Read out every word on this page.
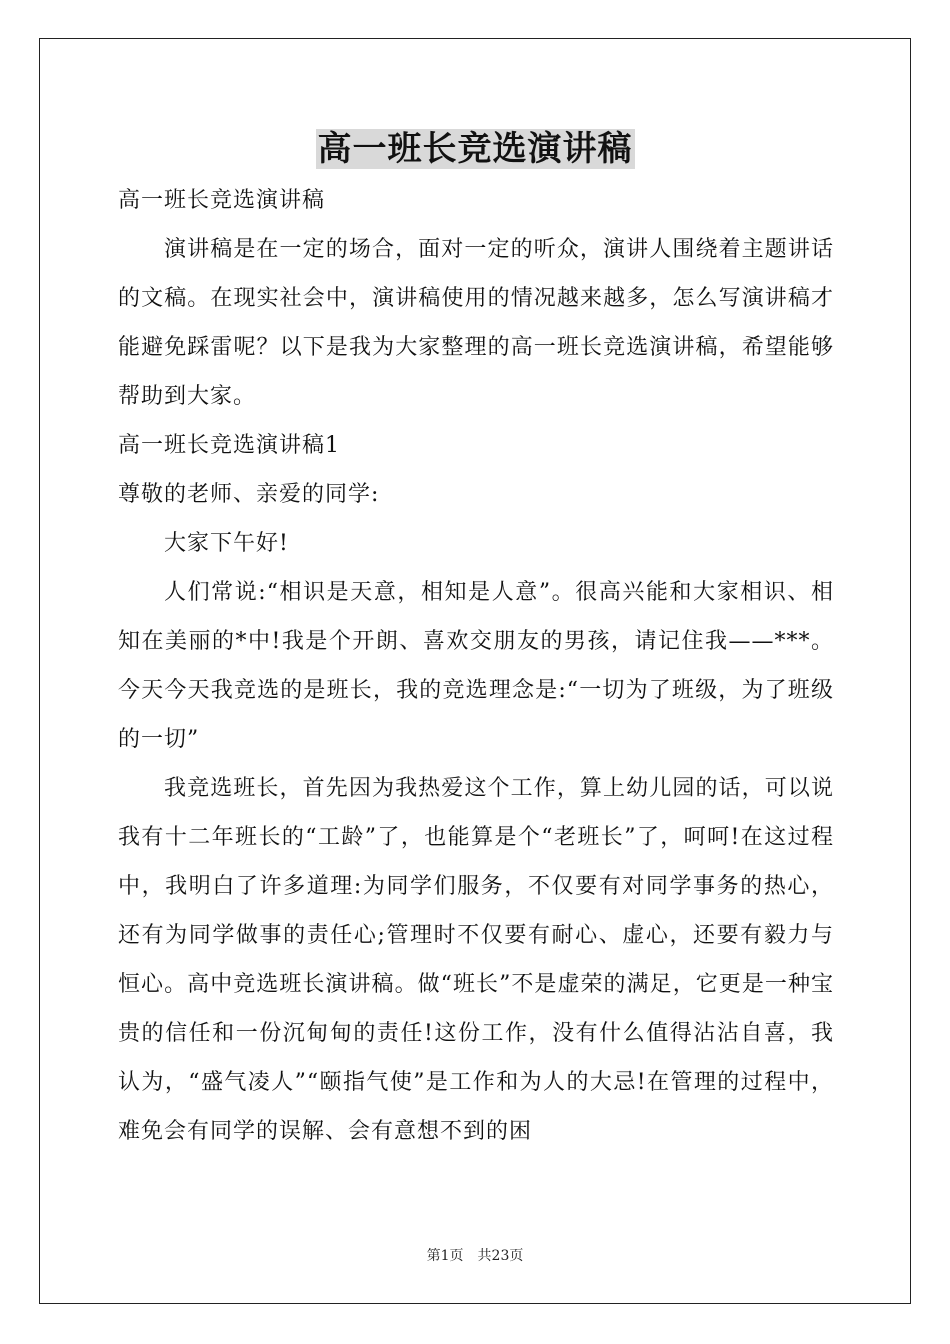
高一班长竞选演讲稿

高一班长竞选演讲稿

演讲稿是在一定的场合，面对一定的听众，演讲人围绕着主题讲话的文稿。在现实社会中，演讲稿使用的情况越来越多，怎么写演讲稿才能避免踩雷呢？以下是我为大家整理的高一班长竞选演讲稿，希望能够帮助到大家。

高一班长竞选演讲稿1

尊敬的老师、亲爱的同学:

大家下午好!

人们常说:“相识是天意，相知是人意”。很高兴能和大家相识、相知在美丽的*中!我是个开朗、喜欢交朋友的男孩，请记住我——***。今天今天我竞选的是班长，我的竞选理念是:“一切为了班级，为了班级的一切”

我竞选班长，首先因为我热爱这个工作，算上幼儿园的话，可以说我有十二年班长的“工龄”了，也能算是个“老班长”了，呵呵!在这过程中，我明白了许多道理:为同学们服务，不仅要有对同学事务的热心，还有为同学做事的责任心;管理时不仅要有耐心、虚心，还要有毅力与恒心。高中竞选班长演讲稿。做“班长”不是虚荣的满足，它更是一种宝贵的信任和一份沉甸甸的责任!这份工作，没有什么值得沾沾自喜，我认为，“盛气凌人”“颐指气使”是工作和为人的大忌!在管理的过程中，难免会有同学的误解、会有意想不到的困

第1页 共23页
